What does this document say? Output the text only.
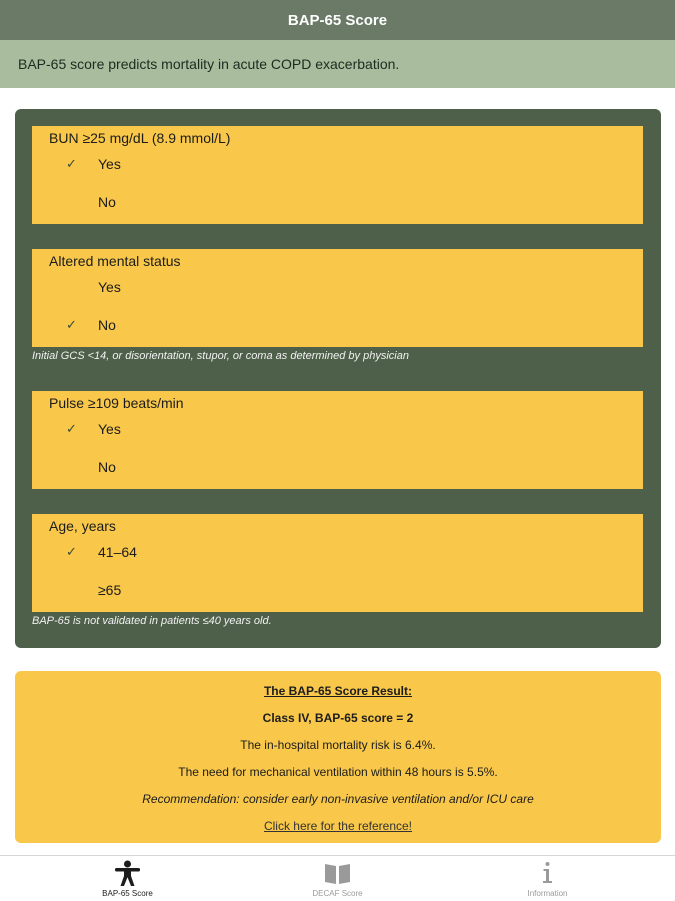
BAP-65 Score
BAP-65 score predicts mortality in acute COPD exacerbation.
BUN ≥25 mg/dL (8.9 mmol/L)
✓ Yes
No
Altered mental status
Yes
✓ No
Initial GCS <14, or disorientation, stupor, or coma as determined by physician
Pulse ≥109 beats/min
✓ Yes
No
Age, years
✓ 41–64
≥65
BAP-65 is not validated in patients ≤40 years old.
The BAP-65 Score Result:
Class IV, BAP-65 score = 2
The in-hospital mortality risk is 6.4%.
The need for mechanical ventilation within 48 hours is 5.5%.
Recommendation: consider early non-invasive ventilation and/or ICU care
Click here for the reference!
BAP-65 Score	DECAF Score	Information
